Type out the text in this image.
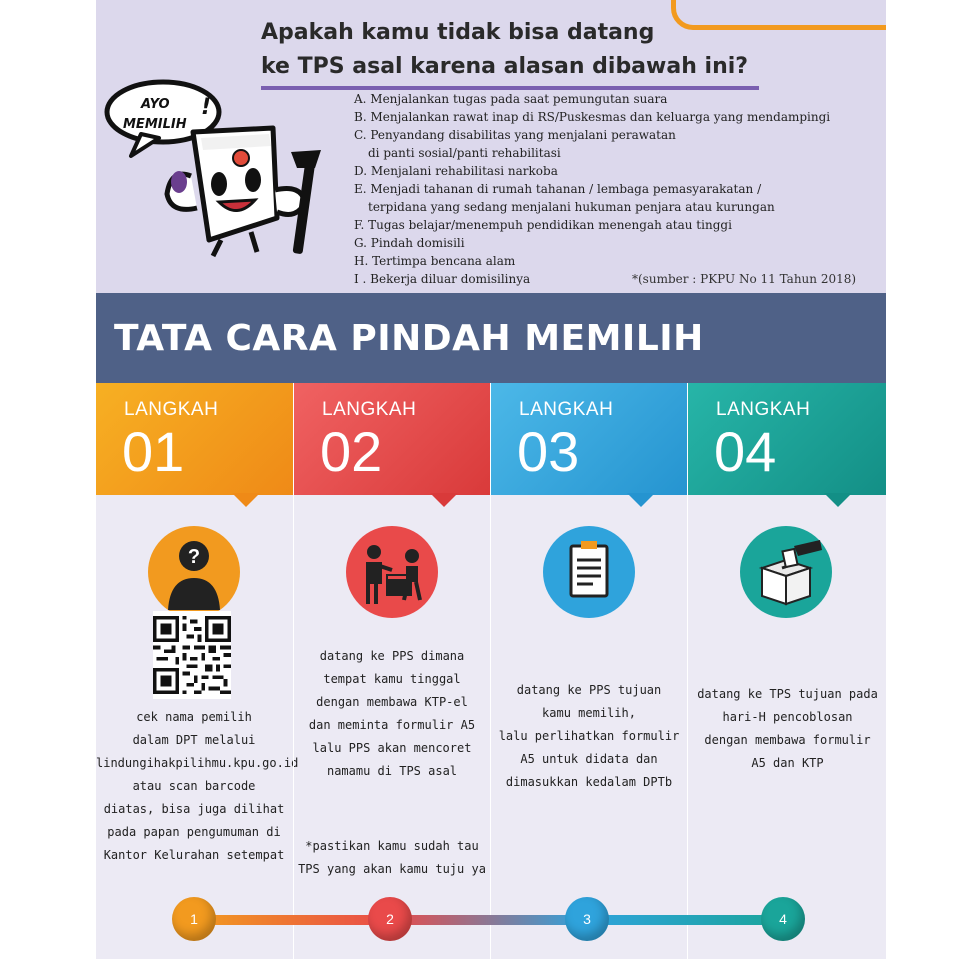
Apakah kamu tidak bisa datang
ke TPS asal karena alasan dibawah ini?
A. Menjalankan tugas pada saat pemungutan suara
B. Menjalankan rawat inap di RS/Puskesmas dan keluarga yang mendampingi
C. Penyandang disabilitas yang menjalani perawatan
di panti sosial/panti rehabilitasi
D. Menjalani rehabilitasi narkoba
E. Menjadi tahanan di rumah tahanan / lembaga pemasyarakatan /
terpidana yang sedang menjalani hukuman penjara atau kurungan
F. Tugas belajar/menempuh pendidikan menengah atau tinggi
G. Pindah domisili
H. Tertimpa bencana alam
I . Bekerja diluar domisilinya	*(sumber : PKPU No 11 Tahun 2018)
AYO
MEMILIH
!
TATA CARA PINDAH MEMILIH
LANGKAH
01
?
cek nama pemilih
dalam DPT melalui
lindungihakpilihmu.kpu.go.id
atau scan barcode
diatas, bisa juga dilihat
pada papan pengumuman di
Kantor Kelurahan setempat
LANGKAH
02
datang ke PPS dimana
tempat kamu tinggal
dengan membawa KTP-el
dan meminta formulir A5
lalu PPS akan mencoret
namamu di TPS asal
*pastikan kamu sudah tau
TPS yang akan kamu tuju ya
LANGKAH
03
datang ke PPS tujuan
kamu memilih,
lalu perlihatkan formulir
A5 untuk didata dan
dimasukkan kedalam DPTb
LANGKAH
04
datang ke TPS tujuan pada
hari-H pencoblosan
dengan membawa formulir
A5 dan KTP
1	2	3	4
